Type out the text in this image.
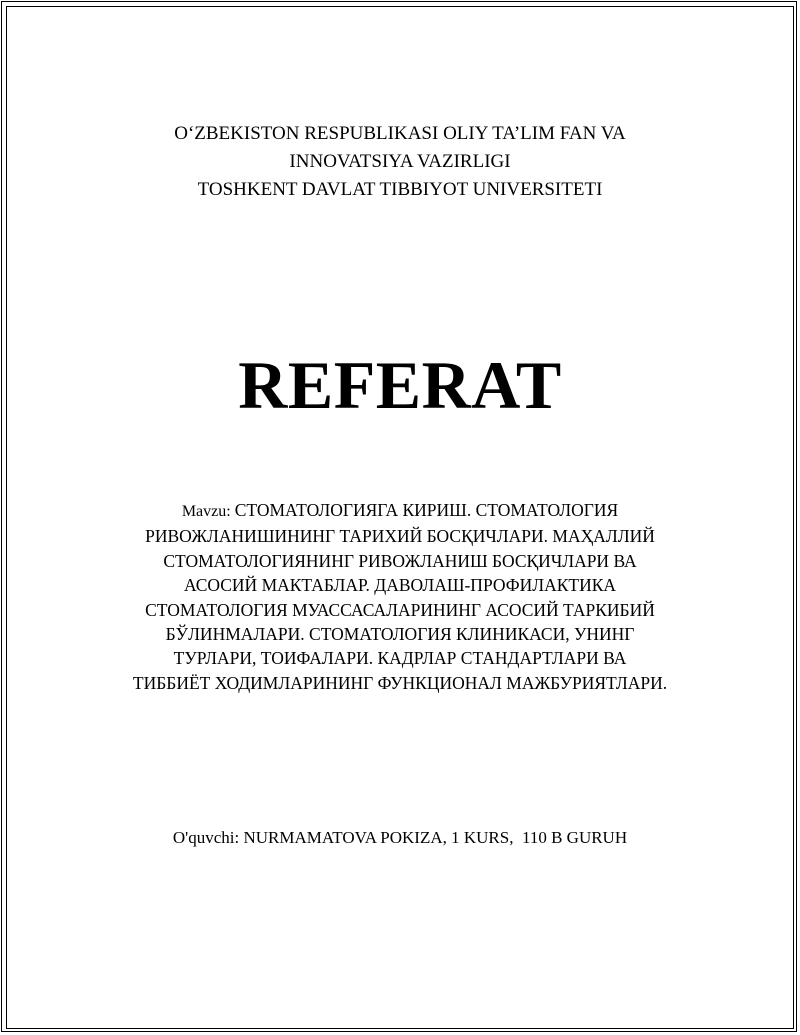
O‘ZBEKISTON RESPUBLIKASI OLIY TA’LIM FAN VA
INNOVATSIYA VAZIRLIGI
TOSHKENT DAVLAT TIBBIYOT UNIVERSITETI
REFERAT
Mavzu: СТОМАТОЛОГИЯГА КИРИШ. СТОМАТОЛОГИЯ
РИВОЖЛАНИШИНИНГ ТАРИХИЙ БОСҚИЧЛАРИ. МАҲАЛЛИЙ
СТОМАТОЛОГИЯНИНГ РИВОЖЛАНИШ БОСҚИЧЛАРИ ВА
АСОСИЙ МАКТАБЛАР. ДАВОЛАШ-ПРОФИЛАКТИКА
СТОМАТОЛОГИЯ МУАССАСАЛАРИНИНГ АСОСИЙ ТАРКИБИЙ
БЎЛИНМАЛАРИ. СТОМАТОЛОГИЯ КЛИНИКАСИ, УНИНГ
ТУРЛАРИ, ТОИФАЛАРИ. КАДРЛАР СТАНДАРТЛАРИ ВА
ТИББИЁТ ХОДИМЛАРИНИНГ ФУНКЦИОНАЛ МАЖБУРИЯТЛАРИ.
O'quvchi: NURMAMATOVA POKIZA, 1 KURS,  110 B GURUH
